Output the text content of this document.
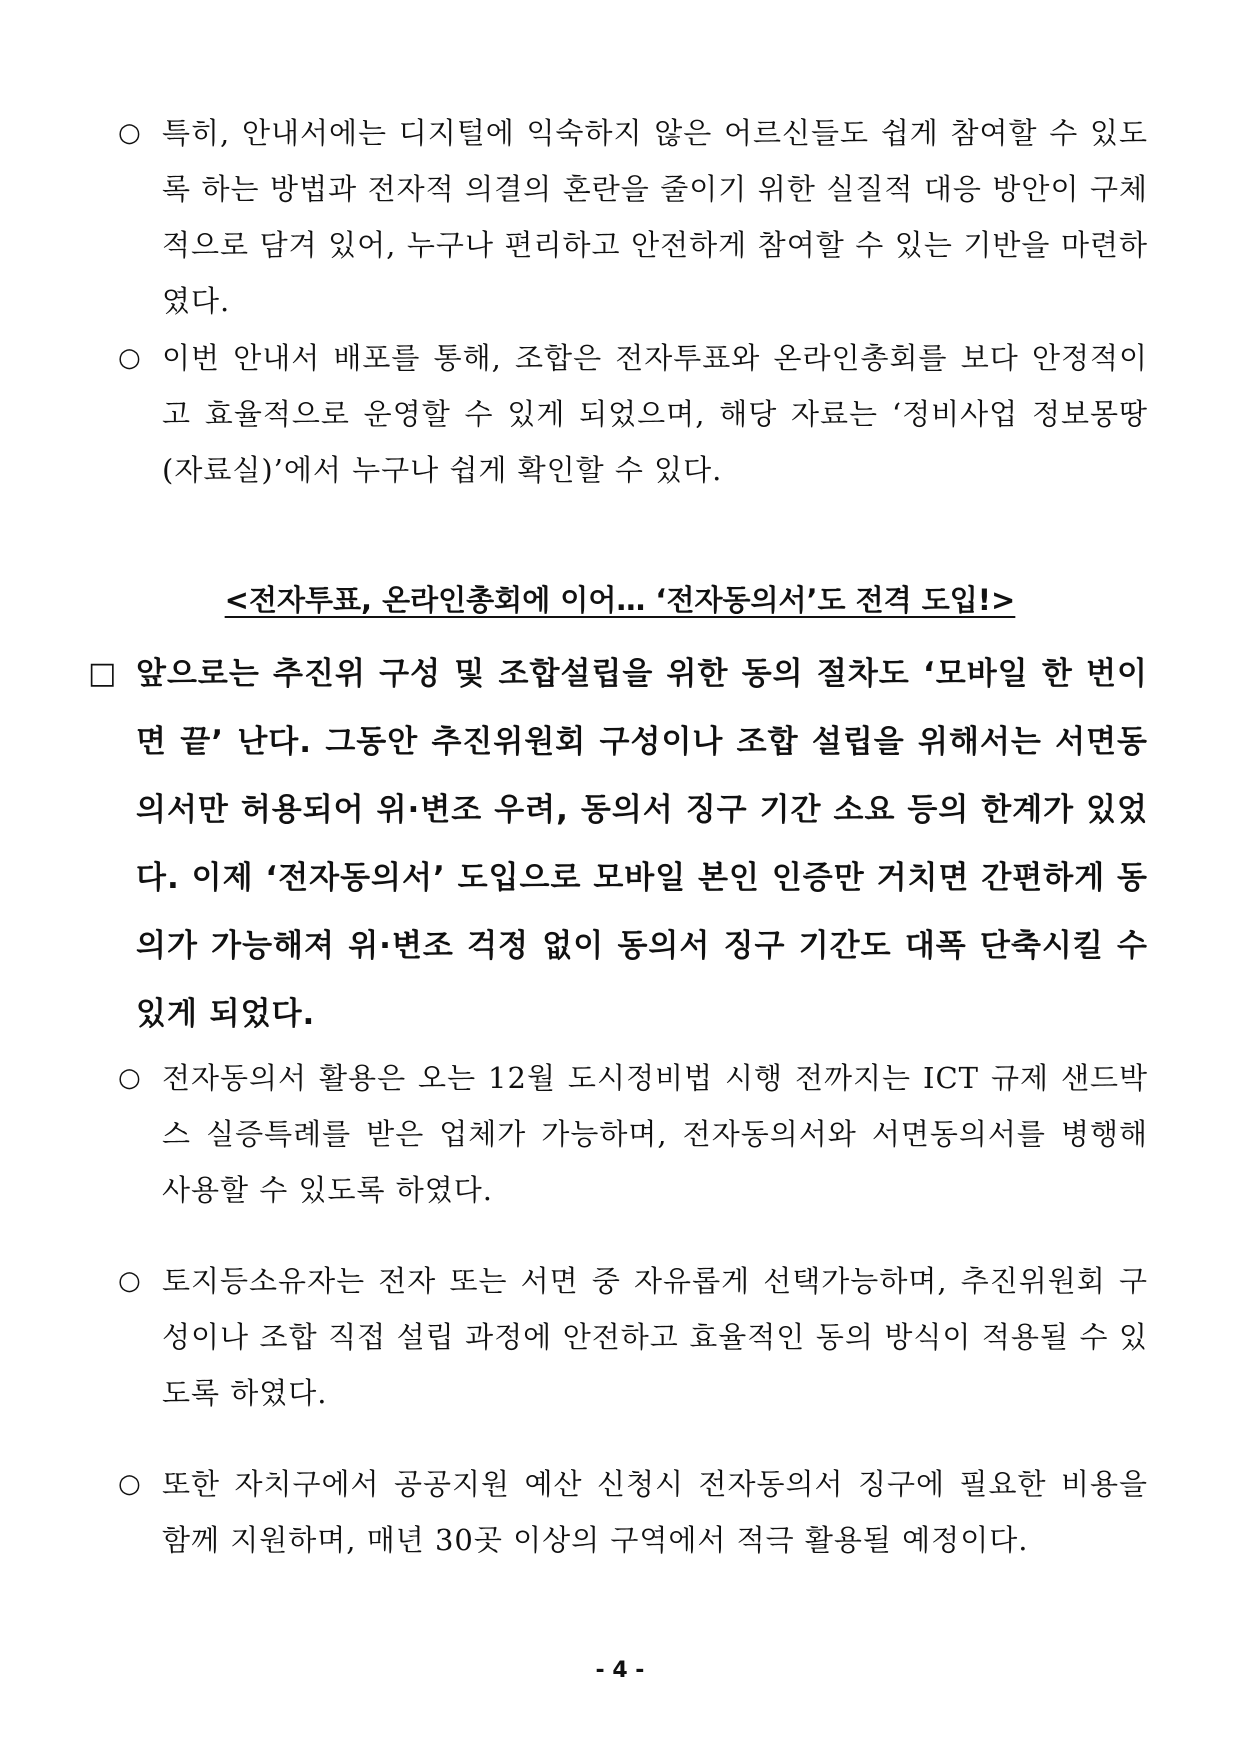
○ 특히, 안내서에는 디지털에 익숙하지 않은 어르신들도 쉽게 참여할 수 있도록 하는 방법과 전자적 의결의 혼란을 줄이기 위한 실질적 대응 방안이 구체적으로 담겨 있어, 누구나 편리하고 안전하게 참여할 수 있는 기반을 마련하였다.
○ 이번 안내서 배포를 통해, 조합은 전자투표와 온라인총회를 보다 안정적이고 효율적으로 운영할 수 있게 되었으며, 해당 자료는 ‘정비사업 정보몽땅(자료실)’에서 누구나 쉽게 확인할 수 있다.
<전자투표, 온라인총회에 이어… ‘전자동의서’도 전격 도입!>
□ 앞으로는 추진위 구성 및 조합설립을 위한 동의 절차도 ‘모바일 한 번이면 끝’ 난다. 그동안 추진위원회 구성이나 조합 설립을 위해서는 서면동의서만 허용되어 위·변조 우려, 동의서 징구 기간 소요 등의 한계가 있었다. 이제 ‘전자동의서’ 도입으로 모바일 본인 인증만 거치면 간편하게 동의가 가능해져 위·변조 걱정 없이 동의서 징구 기간도 대폭 단축시킬 수 있게 되었다.
○ 전자동의서 활용은 오는 12월 도시정비법 시행 전까지는 ICT 규제 샌드박스 실증특례를 받은 업체가 가능하며, 전자동의서와 서면동의서를 병행해 사용할 수 있도록 하였다.
○ 토지등소유자는 전자 또는 서면 중 자유롭게 선택가능하며, 추진위원회 구성이나 조합 직접 설립 과정에 안전하고 효율적인 동의 방식이 적용될 수 있도록 하였다.
○ 또한 자치구에서 공공지원 예산 신청시 전자동의서 징구에 필요한 비용을 함께 지원하며, 매년 30곳 이상의 구역에서 적극 활용될 예정이다.
- 4 -
